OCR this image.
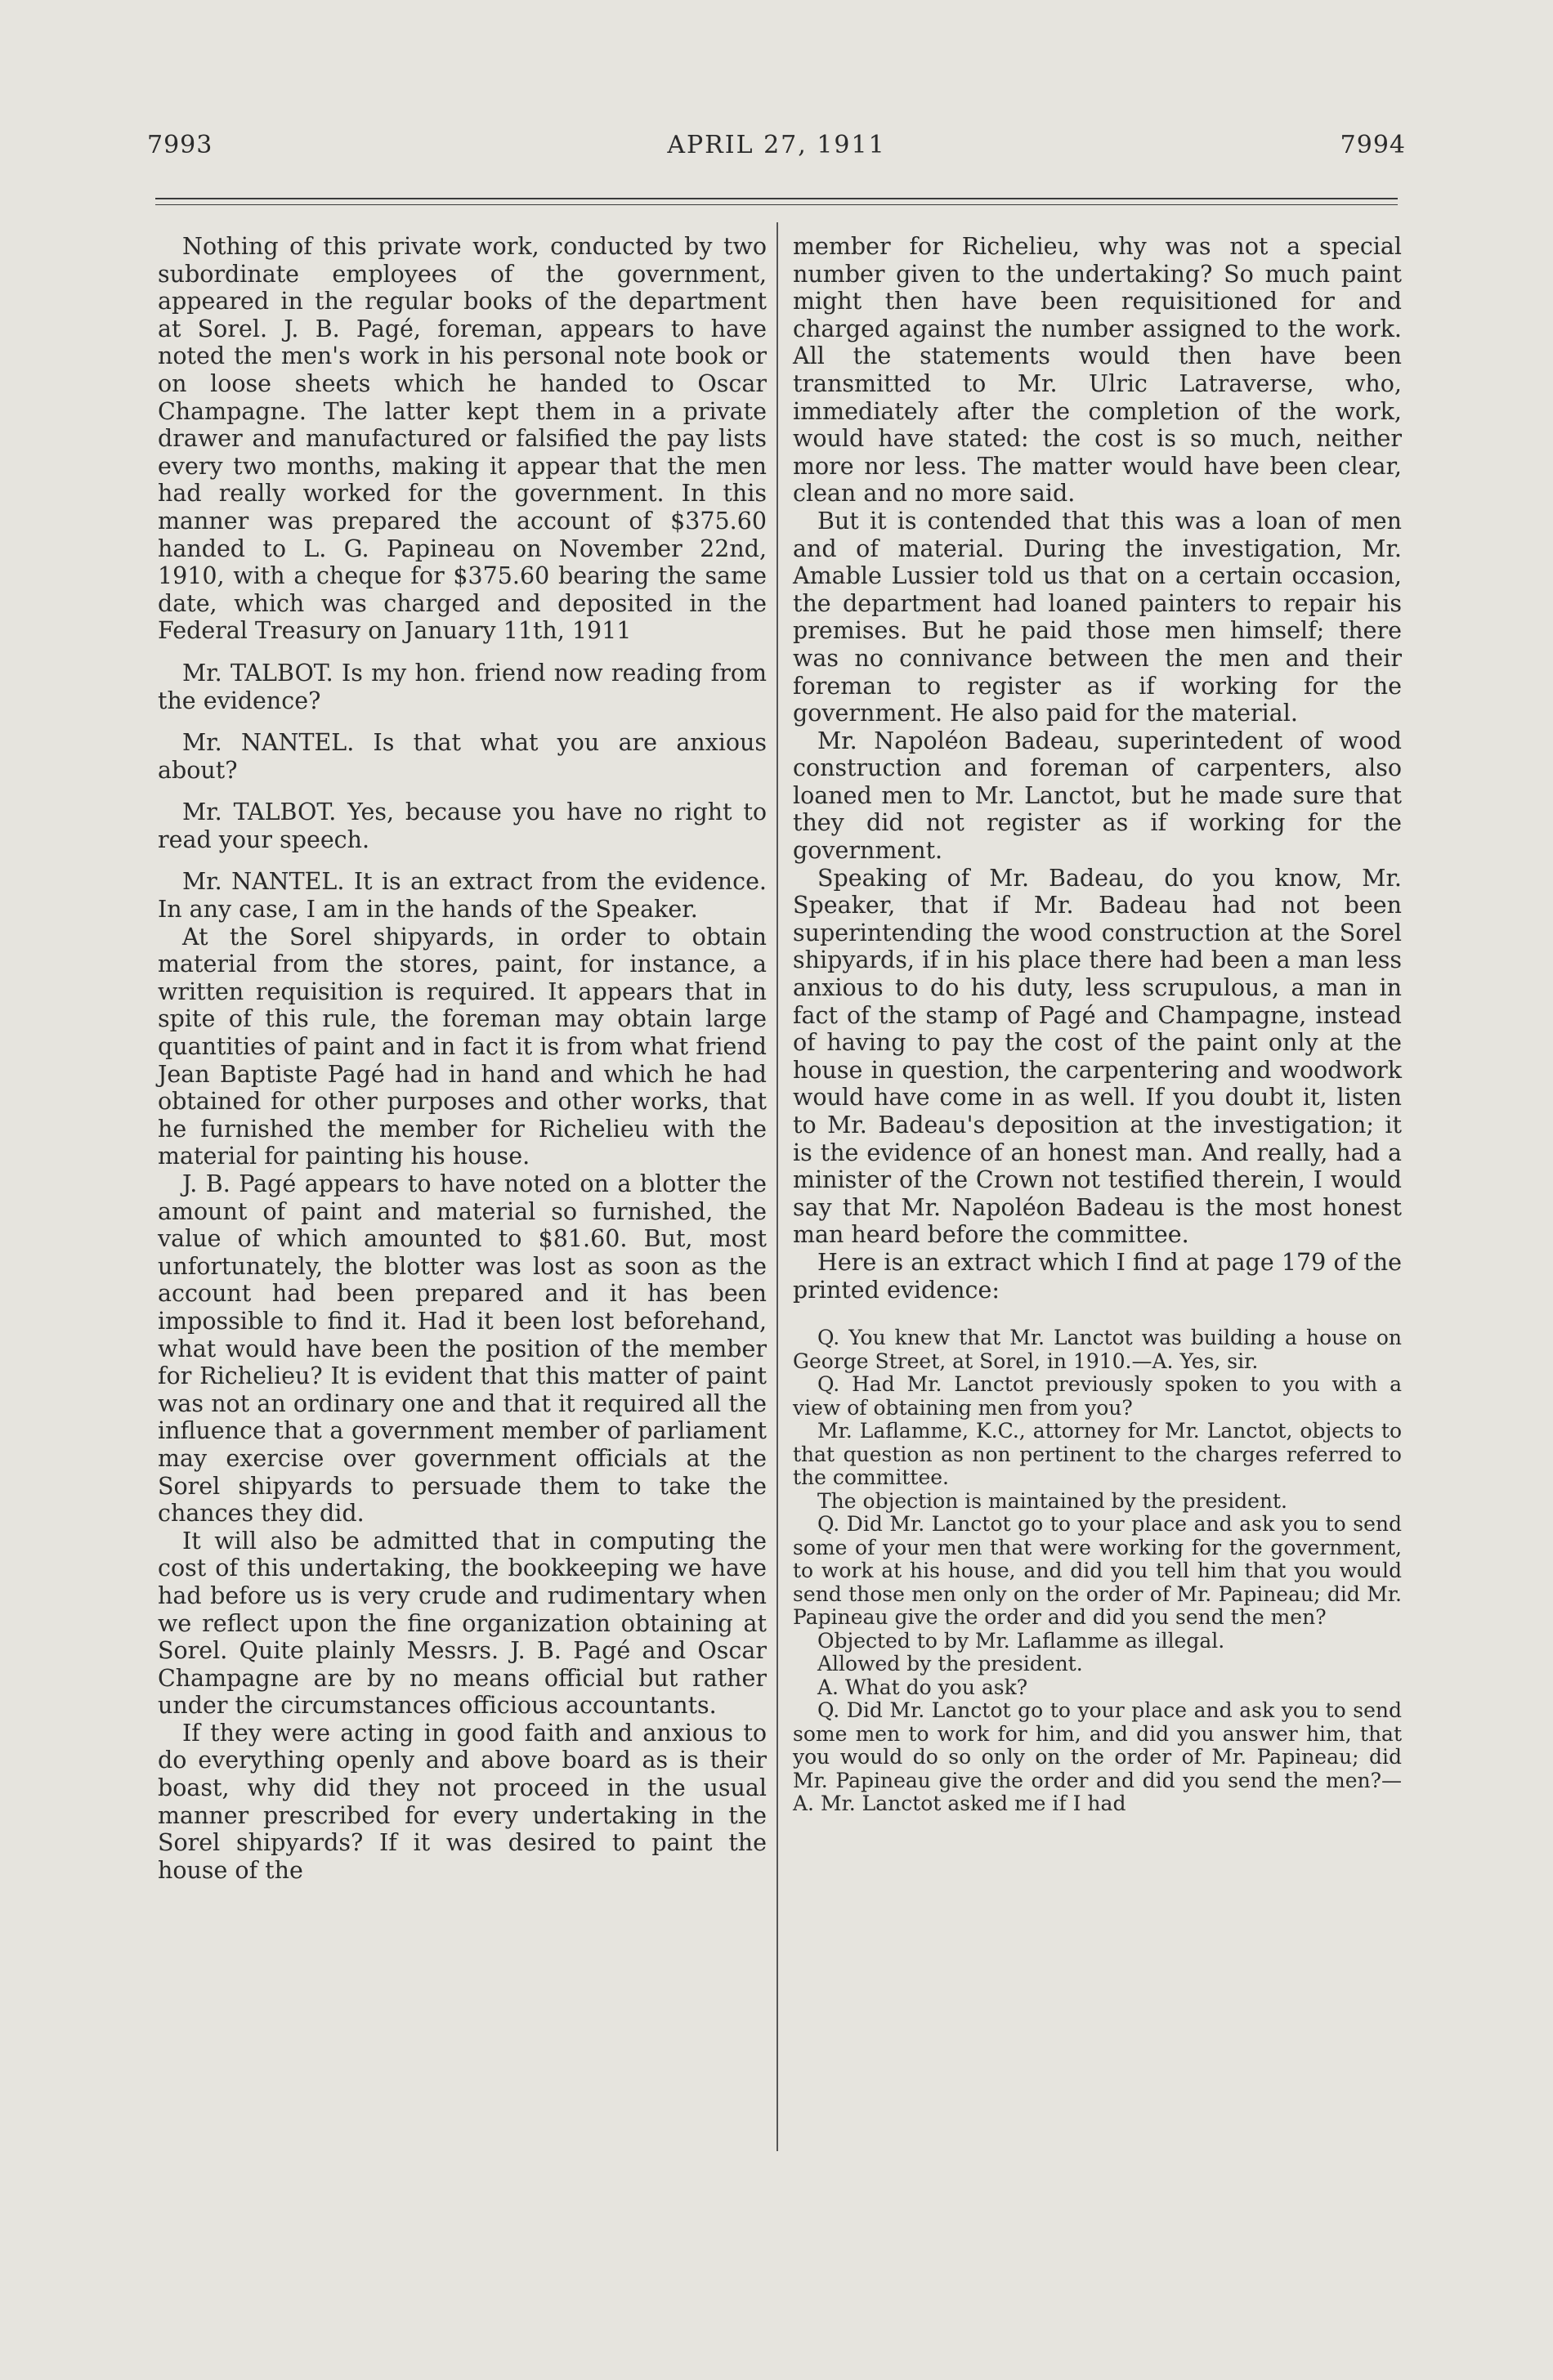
7993	APRIL 27, 1911	7994

Nothing of this private work, conducted by two subordinate employees of the government, appeared in the regular books of the department at Sorel. J. B. Pagé, foreman, appears to have noted the men's work in his personal note book or on loose sheets which he handed to Oscar Champagne. The latter kept them in a private drawer and manufactured or falsified the pay lists every two months, making it appear that the men had really worked for the government. In this manner was prepared the account of $375.60 handed to L. G. Papineau on November 22nd, 1910, with a cheque for $375.60 bearing the same date, which was charged and deposited in the Federal Treasury on January 11th, 1911

Mr. TALBOT. Is my hon. friend now reading from the evidence?

Mr. NANTEL. Is that what you are anxious about?

Mr. TALBOT. Yes, because you have no right to read your speech.

Mr. NANTEL. It is an extract from the evidence. In any case, I am in the hands of the Speaker.

At the Sorel shipyards, in order to obtain material from the stores, paint, for instance, a written requisition is required. It appears that in spite of this rule, the foreman may obtain large quantities of paint and in fact it is from what friend Jean Baptiste Pagé had in hand and which he had obtained for other purposes and other works, that he furnished the member for Richelieu with the material for painting his house.

J. B. Pagé appears to have noted on a blotter the amount of paint and material so furnished, the value of which amounted to $81.60. But, most unfortunately, the blotter was lost as soon as the account had been prepared and it has been impossible to find it. Had it been lost beforehand, what would have been the position of the member for Richelieu? It is evident that this matter of paint was not an ordinary one and that it required all the influence that a government member of parliament may exercise over government officials at the Sorel shipyards to persuade them to take the chances they did.

It will also be admitted that in computing the cost of this undertaking, the bookkeeping we have had before us is very crude and rudimentary when we reflect upon the fine organization obtaining at Sorel. Quite plainly Messrs. J. B. Pagé and Oscar Champagne are by no means official but rather under the circumstances officious accountants.

If they were acting in good faith and anxious to do everything openly and above board as is their boast, why did they not proceed in the usual manner prescribed for every undertaking in the Sorel shipyards? If it was desired to paint the house of the

member for Richelieu, why was not a special number given to the undertaking? So much paint might then have been requisitioned for and charged against the number assigned to the work. All the statements would then have been transmitted to Mr. Ulric Latraverse, who, immediately after the completion of the work, would have stated: the cost is so much, neither more nor less. The matter would have been clear, clean and no more said.

But it is contended that this was a loan of men and of material. During the investigation, Mr. Amable Lussier told us that on a certain occasion, the department had loaned painters to repair his premises. But he paid those men himself; there was no connivance between the men and their foreman to register as if working for the government. He also paid for the material.

Mr. Napoléon Badeau, superintedent of wood construction and foreman of carpenters, also loaned men to Mr. Lanctot, but he made sure that they did not register as if working for the government.

Speaking of Mr. Badeau, do you know, Mr. Speaker, that if Mr. Badeau had not been superintending the wood construction at the Sorel shipyards, if in his place there had been a man less anxious to do his duty, less scrupulous, a man in fact of the stamp of Pagé and Champagne, instead of having to pay the cost of the paint only at the house in question, the carpentering and woodwork would have come in as well. If you doubt it, listen to Mr. Badeau's deposition at the investigation; it is the evidence of an honest man. And really, had a minister of the Crown not testified therein, I would say that Mr. Napoléon Badeau is the most honest man heard before the committee.

Here is an extract which I find at page 179 of the printed evidence:

Q. You knew that Mr. Lanctot was building a house on George Street, at Sorel, in 1910.—A. Yes, sir.

Q. Had Mr. Lanctot previously spoken to you with a view of obtaining men from you?

Mr. Laflamme, K.C., attorney for Mr. Lanctot, objects to that question as non pertinent to the charges referred to the committee.

The objection is maintained by the president.

Q. Did Mr. Lanctot go to your place and ask you to send some of your men that were working for the government, to work at his house, and did you tell him that you would send those men only on the order of Mr. Papineau; did Mr. Papineau give the order and did you send the men?

Objected to by Mr. Laflamme as illegal.

Allowed by the president.

A. What do you ask?

Q. Did Mr. Lanctot go to your place and ask you to send some men to work for him, and did you answer him, that you would do so only on the order of Mr. Papineau; did Mr. Papineau give the order and did you send the men?—A. Mr. Lanctot asked me if I had
